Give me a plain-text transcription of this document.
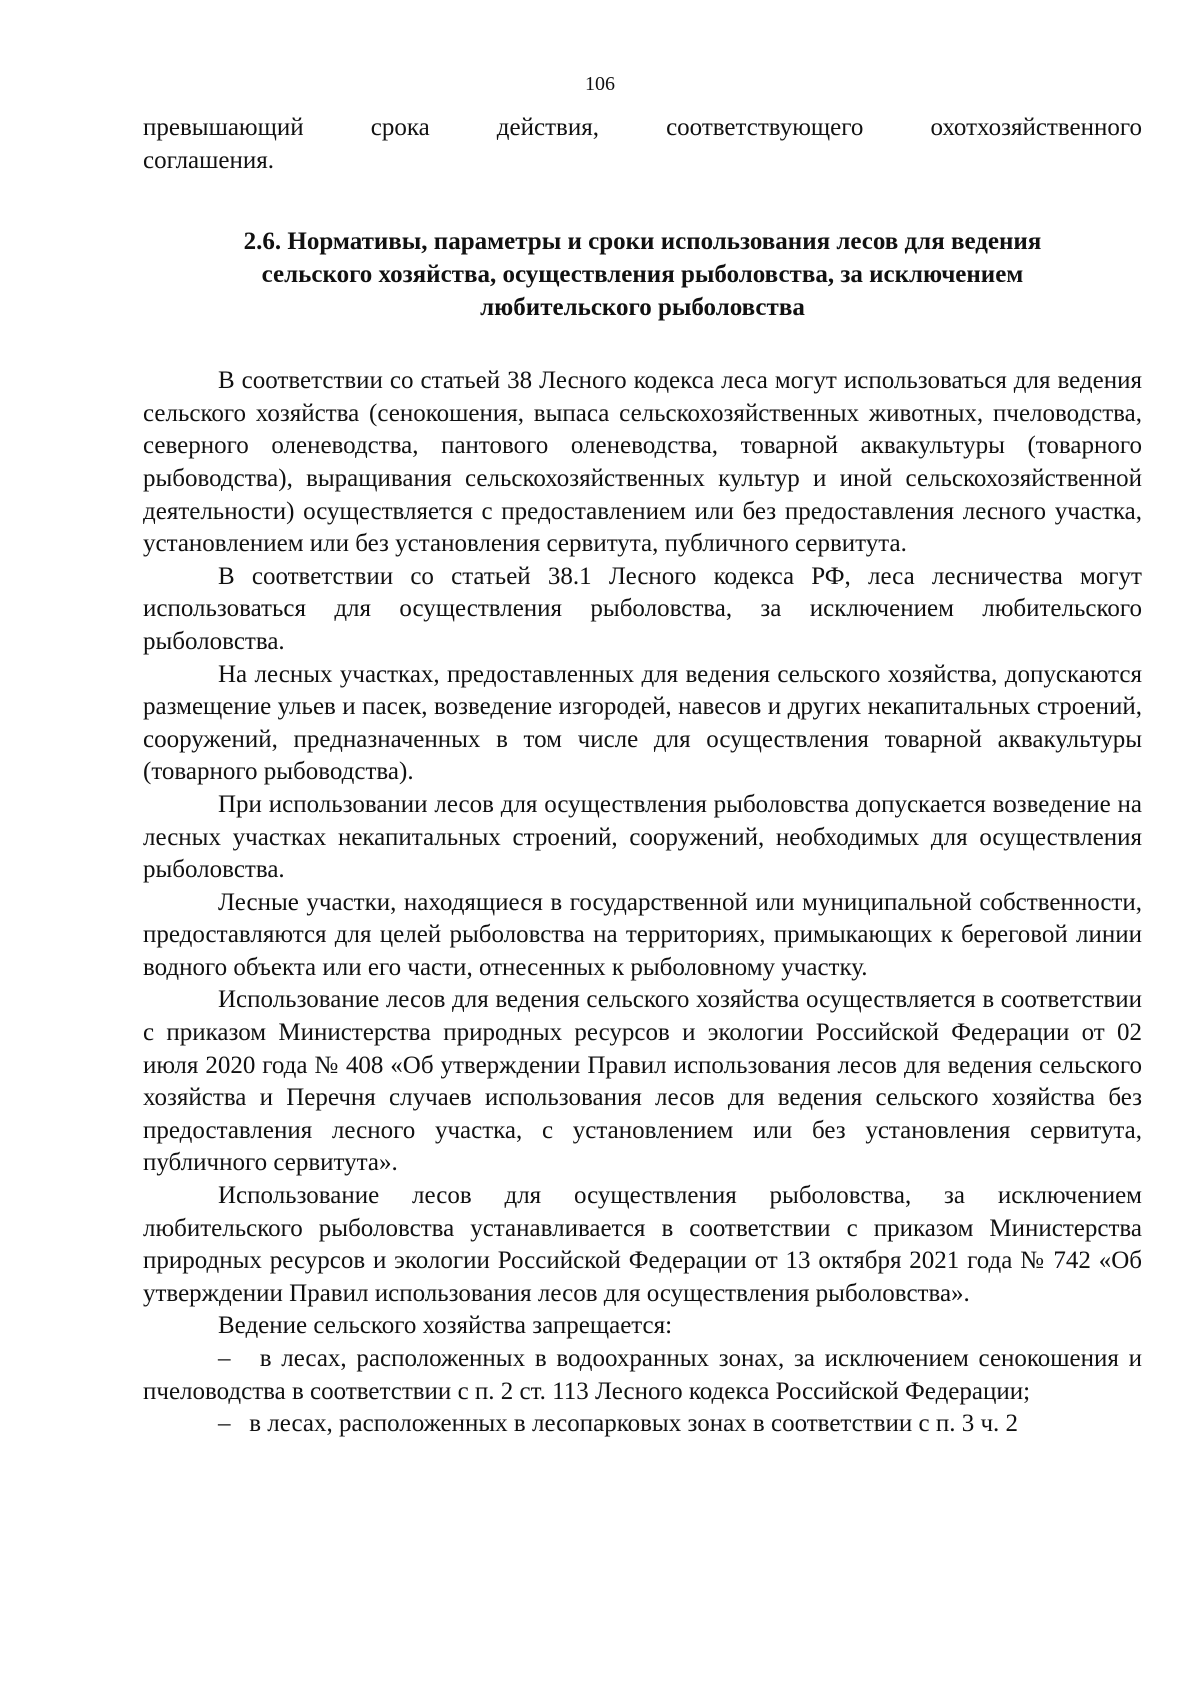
106

превышающий срока действия, соответствующего охотхозяйственного

соглашения.

2.6. Нормативы, параметры и сроки использования лесов для ведения
сельского хозяйства, осуществления рыболовства, за исключением
любительского рыболовства

В соответствии со статьей 38 Лесного кодекса леса могут использоваться для ведения сельского хозяйства (сенокошения, выпаса сельскохозяйственных животных, пчеловодства, северного оленеводства, пантового оленеводства, товарной аквакультуры (товарного рыбоводства), выращивания сельскохозяйственных культур и иной сельскохозяйственной деятельности) осуществляется с предоставлением или без предоставления лесного участка, установлением или без установления сервитута, публичного сервитута.

В соответствии со статьей 38.1 Лесного кодекса РФ, леса лесничества могут использоваться для осуществления рыболовства, за исключением любительского рыболовства.

На лесных участках, предоставленных для ведения сельского хозяйства, допускаются размещение ульев и пасек, возведение изгородей, навесов и других некапитальных строений, сооружений, предназначенных в том числе для осуществления товарной аквакультуры (товарного рыбоводства).

При использовании лесов для осуществления рыболовства допускается возведение на лесных участках некапитальных строений, сооружений, необходимых для осуществления рыболовства.

Лесные участки, находящиеся в государственной или муниципальной собственности, предоставляются для целей рыболовства на территориях, примыкающих к береговой линии водного объекта или его части, отнесенных к рыболовному участку.

Использование лесов для ведения сельского хозяйства осуществляется в соответствии с приказом Министерства природных ресурсов и экологии Российской Федерации от 02 июля 2020 года № 408 «Об утверждении Правил использования лесов для ведения сельского хозяйства и Перечня случаев использования лесов для ведения сельского хозяйства без предоставления лесного участка, с установлением или без установления сервитута, публичного сервитута».

Использование лесов для осуществления рыболовства, за исключением любительского рыболовства устанавливается в соответствии с приказом Министерства природных ресурсов и экологии Российской Федерации от 13 октября 2021 года № 742 «Об утверждении Правил использования лесов для осуществления рыболовства».

Ведение сельского хозяйства запрещается:

– в лесах, расположенных в водоохранных зонах, за исключением сенокошения и пчеловодства в соответствии с п. 2 ст. 113 Лесного кодекса Российской Федерации;

– в лесах, расположенных в лесопарковых зонах в соответствии с п. 3 ч. 2
